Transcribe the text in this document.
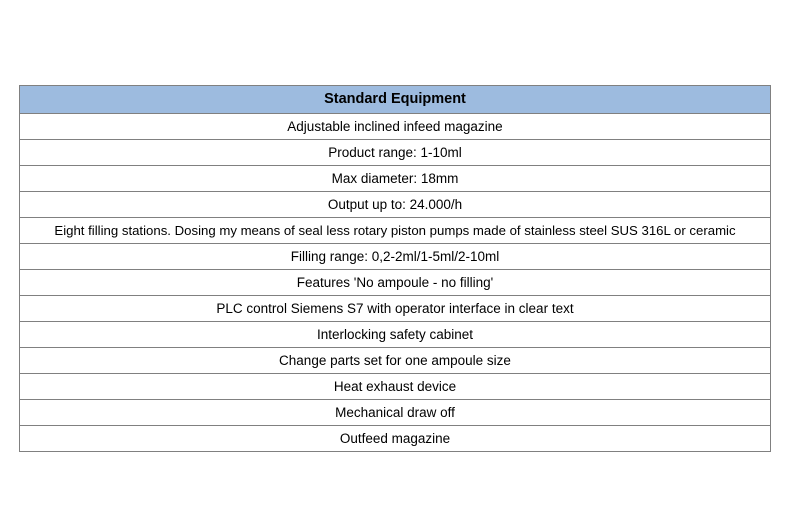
Standard Equipment
Adjustable inclined infeed magazine
Product range: 1-10ml
Max diameter: 18mm
Output up to: 24.000/h
Eight filling stations. Dosing my means of seal less rotary piston pumps made of stainless steel SUS 316L or ceramic
Filling range: 0,2-2ml/1-5ml/2-10ml
Features 'No ampoule - no filling'
PLC control Siemens S7 with operator interface in clear text
Interlocking safety cabinet
Change parts set for one ampoule size
Heat exhaust device
Mechanical draw off
Outfeed magazine
